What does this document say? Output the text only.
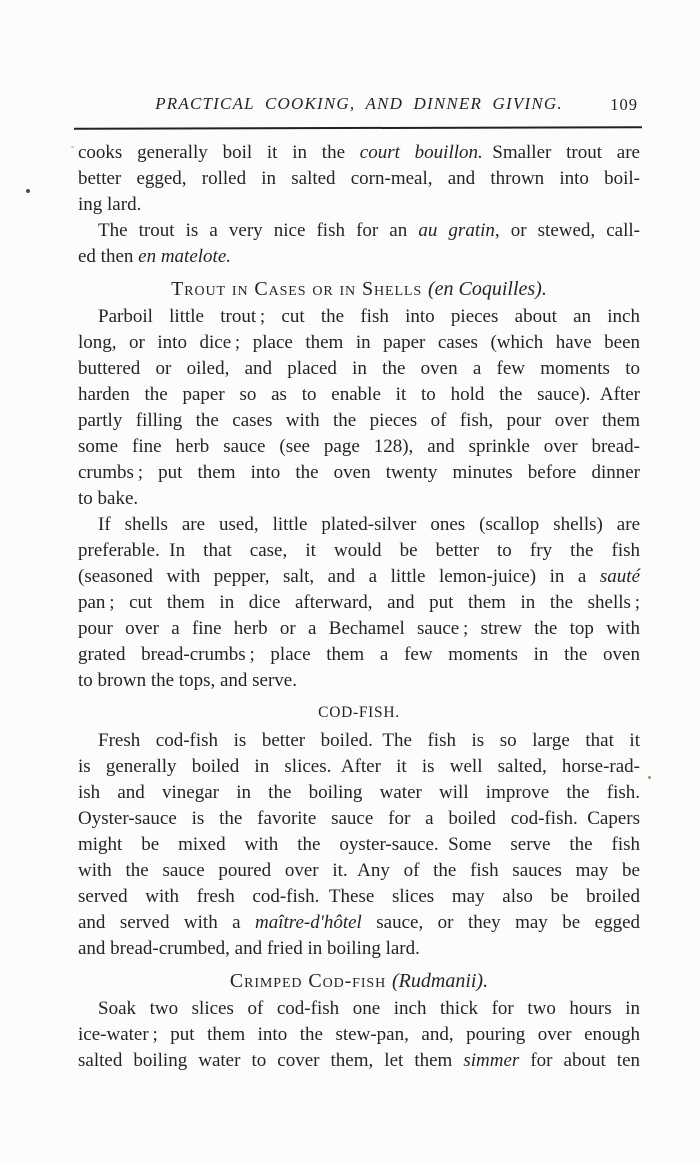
PRACTICAL COOKING, AND DINNER GIVING.	109
cooks generally boil it in the court bouillon. Smaller trout are
better egged, rolled in salted corn-meal, and thrown into boil-
ing lard.
The trout is a very nice fish for an au gratin, or stewed, call-
ed then en matelote.
Trout in Cases or in Shells (en Coquilles).
Parboil little trout ; cut the fish into pieces about an inch
long, or into dice ; place them in paper cases (which have been
buttered or oiled, and placed in the oven a few moments to
harden the paper so as to enable it to hold the sauce). After
partly filling the cases with the pieces of fish, pour over them
some fine herb sauce (see page 128), and sprinkle over bread-
crumbs ; put them into the oven twenty minutes before dinner
to bake.
If shells are used, little plated-silver ones (scallop shells) are
preferable. In that case, it would be better to fry the fish
(seasoned with pepper, salt, and a little lemon-juice) in a sauté
pan ; cut them in dice afterward, and put them in the shells ;
pour over a fine herb or a Bechamel sauce ; strew the top with
grated bread-crumbs ; place them a few moments in the oven
to brown the tops, and serve.
COD-FISH.
Fresh cod-fish is better boiled. The fish is so large that it
is generally boiled in slices. After it is well salted, horse-rad-
ish and vinegar in the boiling water will improve the fish.
Oyster-sauce is the favorite sauce for a boiled cod-fish. Capers
might be mixed with the oyster-sauce. Some serve the fish
with the sauce poured over it. Any of the fish sauces may be
served with fresh cod-fish. These slices may also be broiled
and served with a maître-d'hôtel sauce, or they may be egged
and bread-crumbed, and fried in boiling lard.
Crimped Cod-fish (Rudmanii).
Soak two slices of cod-fish one inch thick for two hours in
ice-water ; put them into the stew-pan, and, pouring over enough
salted boiling water to cover them, let them simmer for about ten
